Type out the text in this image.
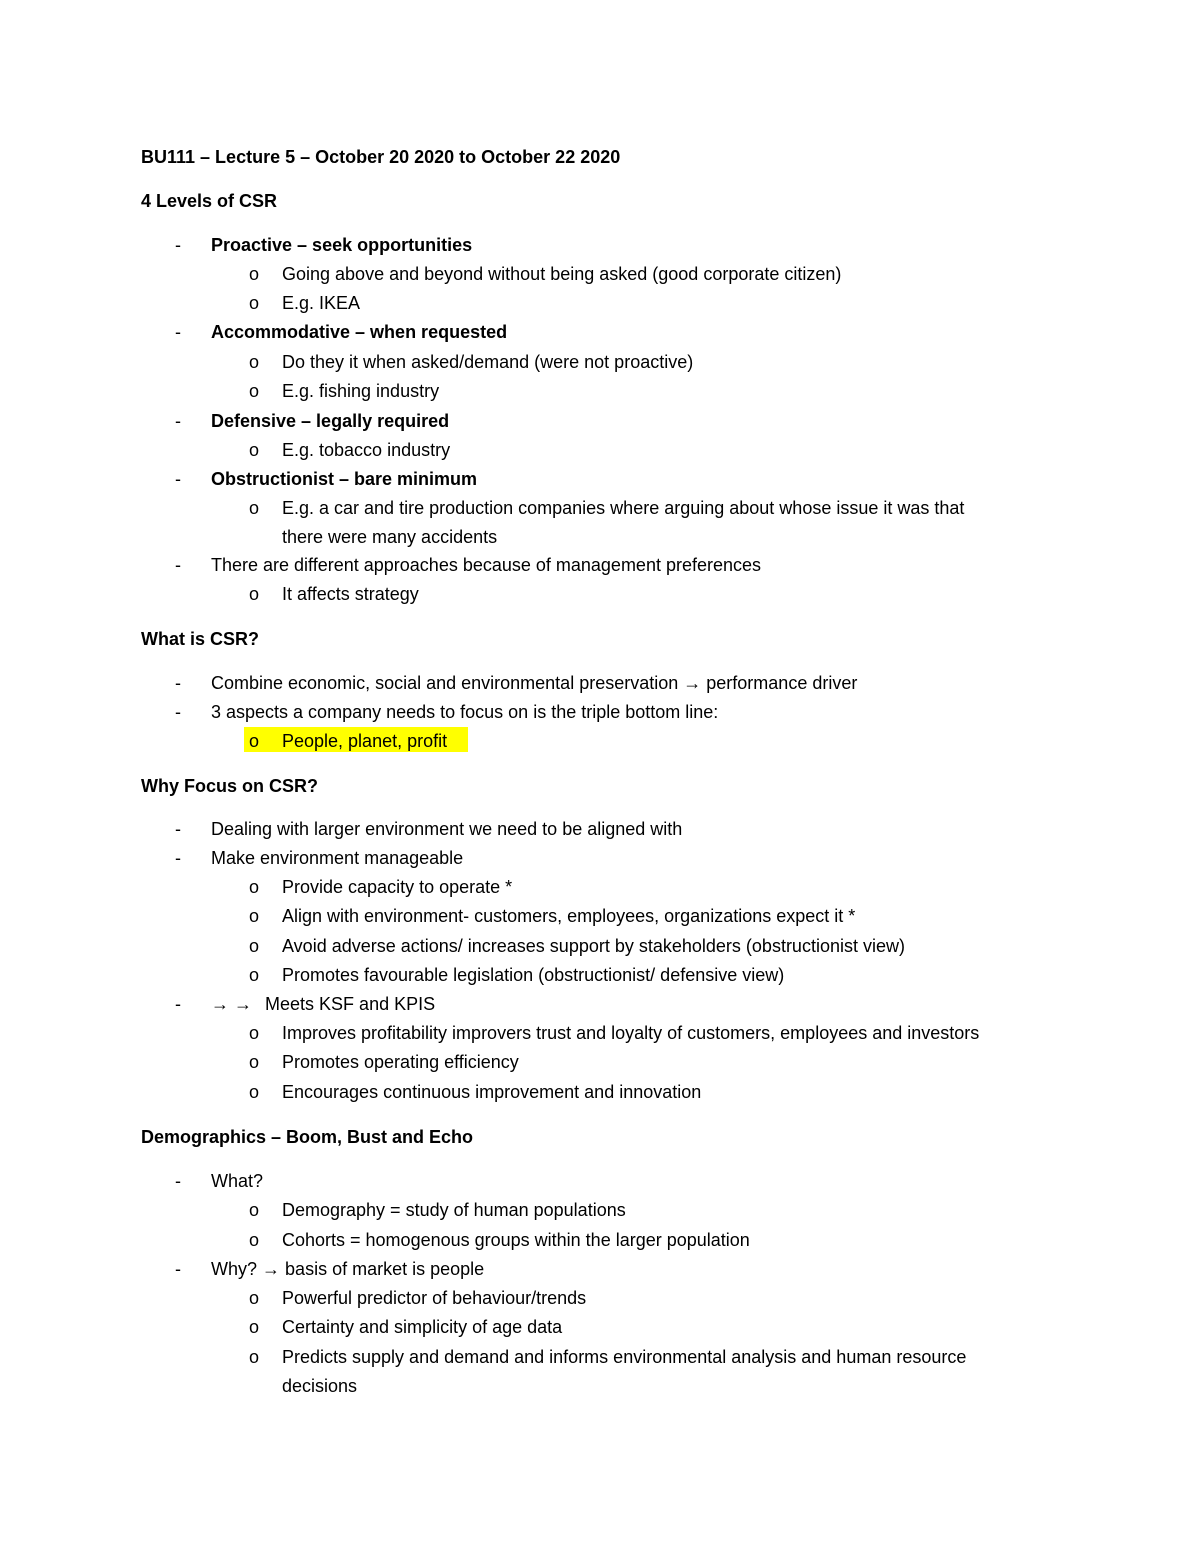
BU111 – Lecture 5 – October 20 2020 to October 22 2020
4 Levels of CSR
- Proactive – seek opportunities
o Going above and beyond without being asked (good corporate citizen)
o E.g. IKEA
- Accommodative – when requested
o Do they it when asked/demand (were not proactive)
o E.g. fishing industry
- Defensive – legally required
o E.g. tobacco industry
- Obstructionist – bare minimum
o E.g. a car and tire production companies where arguing about whose issue it was that
there were many accidents
- There are different approaches because of management preferences
o It affects strategy
What is CSR?
- Combine economic, social and environmental preservation → performance driver
- 3 aspects a company needs to focus on is the triple bottom line:
o People, planet, profit
Why Focus on CSR?
- Dealing with larger environment we need to be aligned with
- Make environment manageable
o Provide capacity to operate *
o Align with environment- customers, employees, organizations expect it *
o Avoid adverse actions/ increases support by stakeholders (obstructionist view)
o Promotes favourable legislation (obstructionist/ defensive view)
- → → Meets KSF and KPIS
o Improves profitability improvers trust and loyalty of customers, employees and investors
o Promotes operating efficiency
o Encourages continuous improvement and innovation
Demographics – Boom, Bust and Echo
- What?
o Demography = study of human populations
o Cohorts = homogenous groups within the larger population
- Why? → basis of market is people
o Powerful predictor of behaviour/trends
o Certainty and simplicity of age data
o Predicts supply and demand and informs environmental analysis and human resource
decisions
